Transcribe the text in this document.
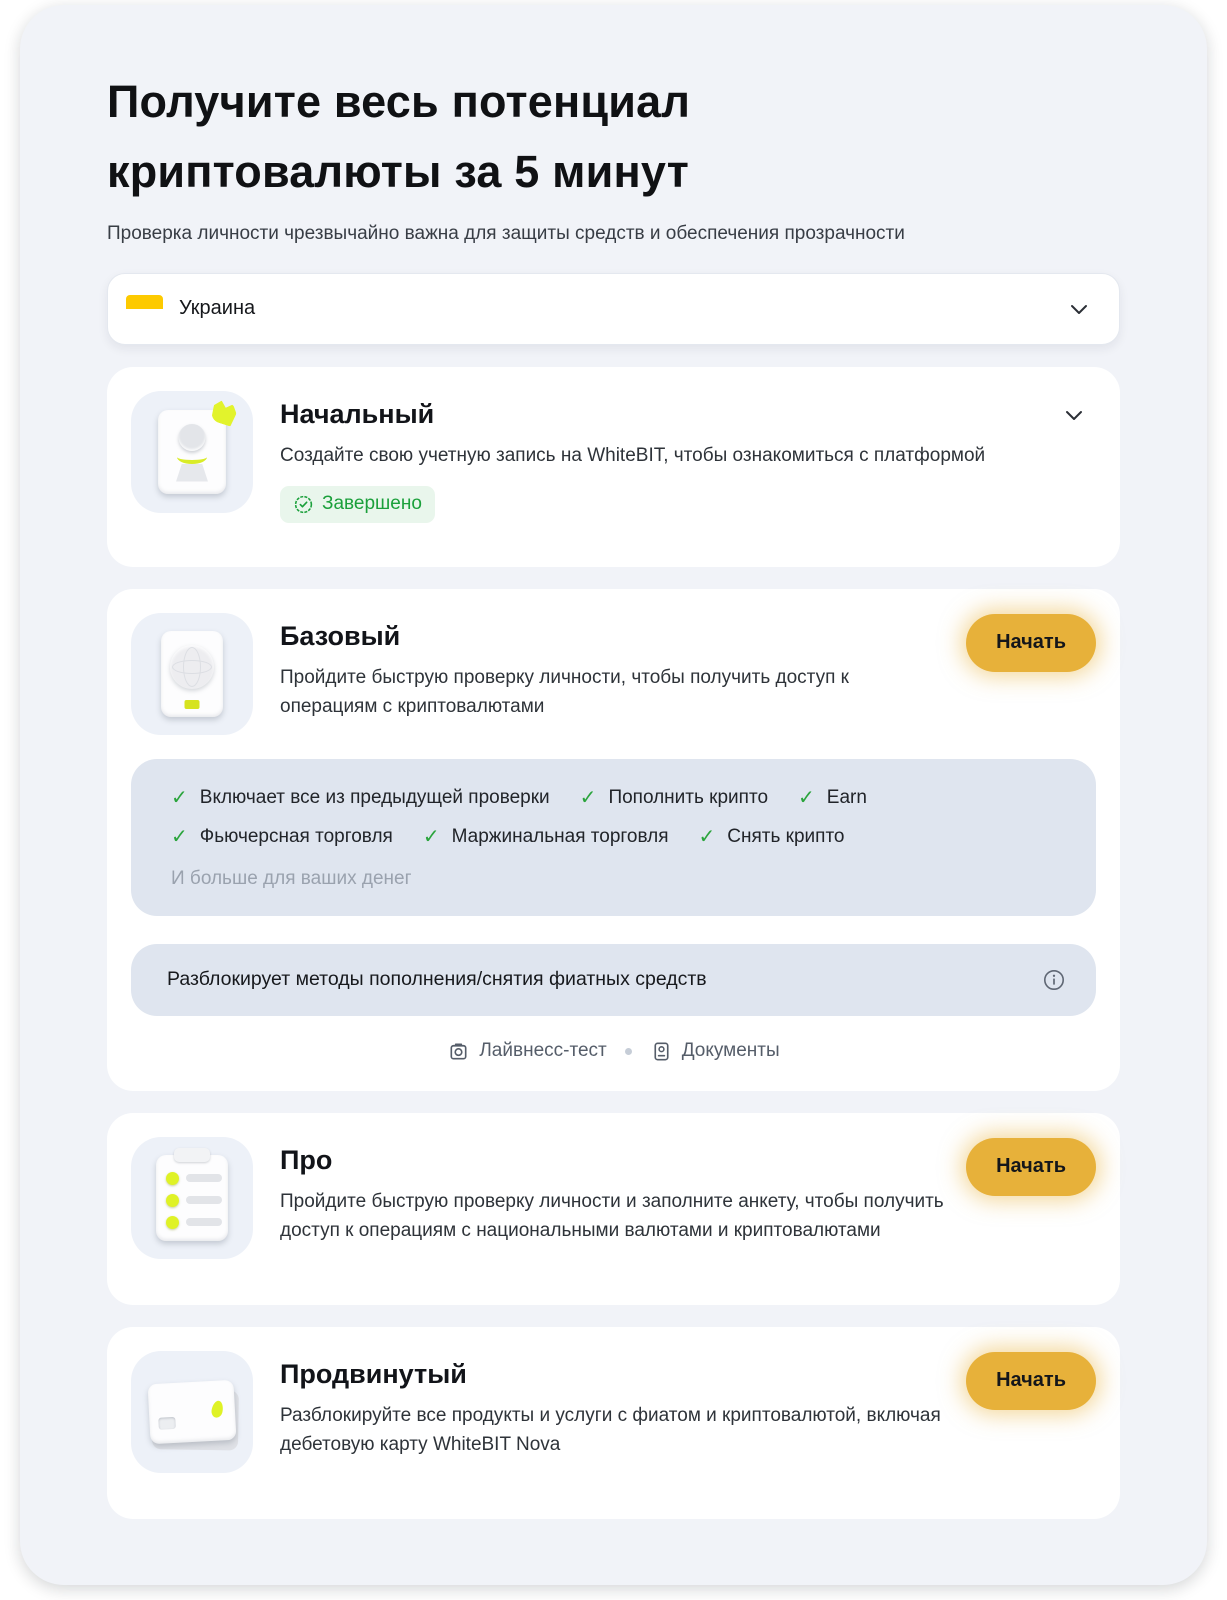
Получите весь потенциал
криптовалюты за 5 минут
Проверка личности чрезвычайно важна для защиты средств и обеспечения прозрачности
Украина
Начальный
Создайте свою учетную запись на WhiteBIT, чтобы ознакомиться с платформой
Завершено
Базовый
Пройдите быструю проверку личности, чтобы получить доступ к операциям с криптовалютами
Начать
✓ Включает все из предыдущей проверки ✓ Пополнить крипто ✓ Earn
✓ Фьючерсная торговля ✓ Маржинальная торговля ✓ Снять крипто
И больше для ваших денег
Разблокирует методы пополнения/снятия фиатных средств
Лайвнесс-тест	Документы
Про
Пройдите быструю проверку личности и заполните анкету, чтобы получить доступ к операциям с национальными валютами и криптовалютами
Начать
Продвинутый
Разблокируйте все продукты и услуги с фиатом и криптовалютой, включая дебетовую карту WhiteBIT Nova
Начать
